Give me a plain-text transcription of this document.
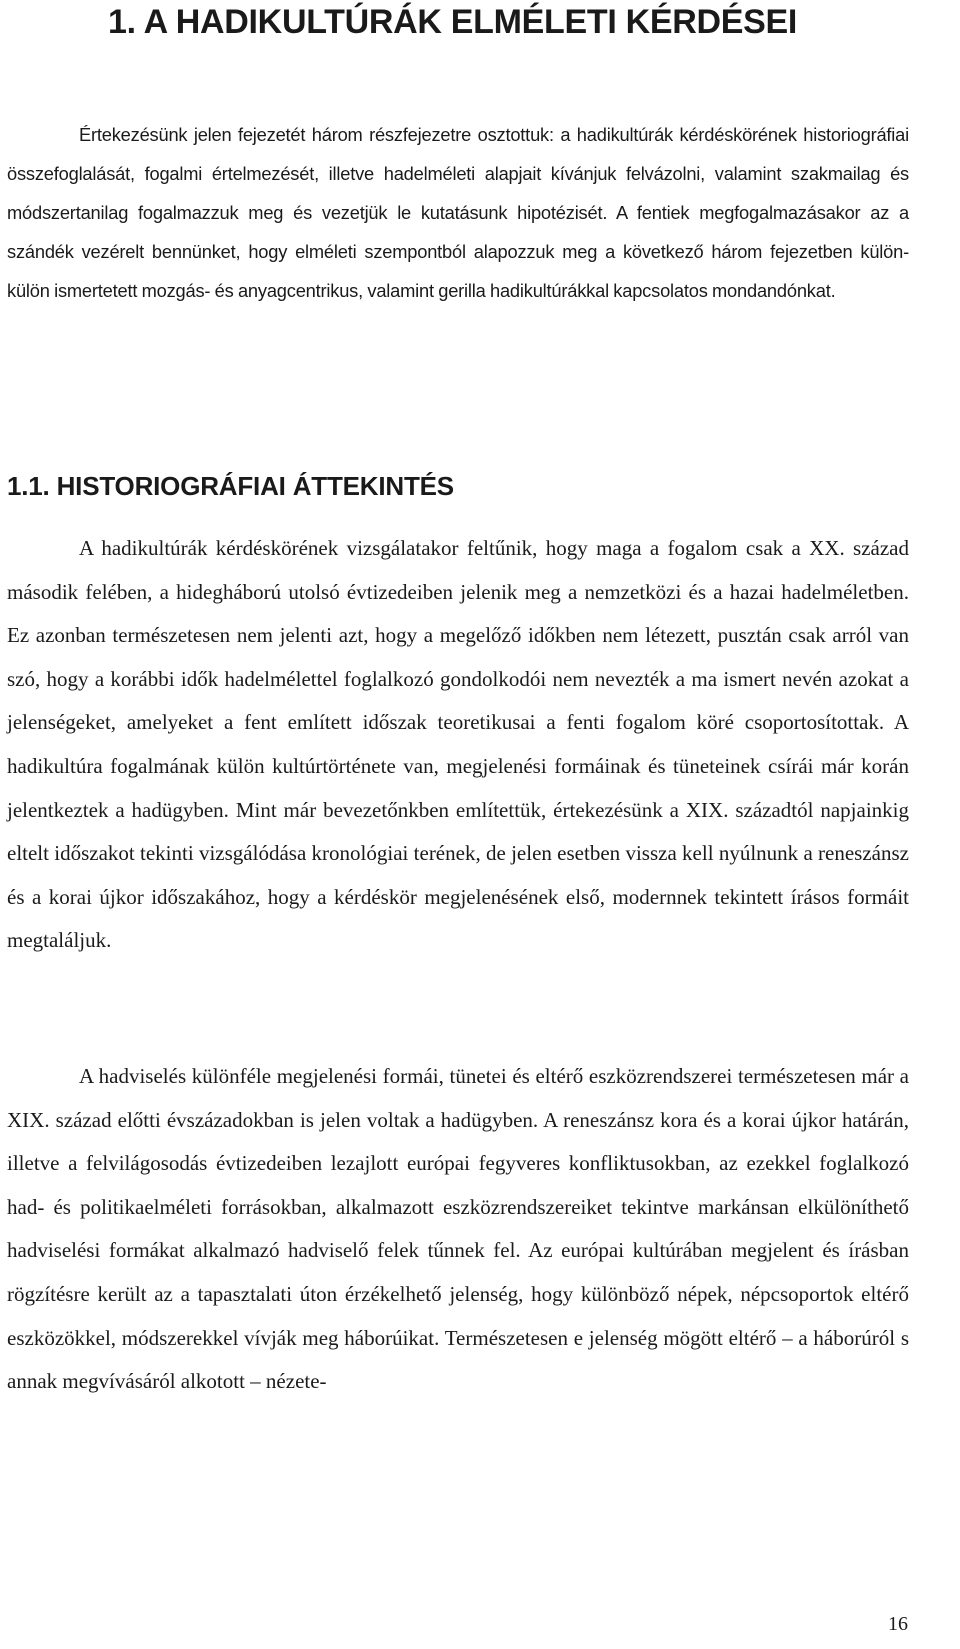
1. A HADIKULTÚRÁK ELMÉLETI KÉRDÉSEI

Értekezésünk jelen fejezetét három részfejezetre osztottuk: a hadikultúrák kérdéskörének historiográfiai összefoglalását, fogalmi értelmezését, illetve hadelméleti alapjait kívánjuk felvázolni, valamint szakmailag és módszertanilag fogalmazzuk meg és vezetjük le kutatásunk hipotézisét. A fentiek megfogalmazásakor az a szándék vezérelt bennünket, hogy elméleti szempontból alapozzuk meg a következő három fejezetben külön-külön ismertetett mozgás- és anyagcentrikus, valamint gerilla hadikultúrákkal kapcsolatos mondandónkat.

1.1. HISTORIOGRÁFIAI ÁTTEKINTÉS

A hadikultúrák kérdéskörének vizsgálatakor feltűnik, hogy maga a fogalom csak a XX. század második felében, a hidegháború utolsó évtizedeiben jelenik meg a nemzetközi és a hazai hadelméletben. Ez azonban természetesen nem jelenti azt, hogy a megelőző időkben nem létezett, pusztán csak arról van szó, hogy a korábbi idők hadelmélettel foglalkozó gondolkodói nem nevezték a ma ismert nevén azokat a jelenségeket, amelyeket a fent említett időszak teoretikusai a fenti fogalom köré csoportosítottak. A hadikultúra fogalmának külön kultúrtörténete van, megjelenési formáinak és tüneteinek csírái már korán jelentkeztek a hadügyben. Mint már bevezetőnkben említettük, értekezésünk a XIX. századtól napjainkig eltelt időszakot tekinti vizsgálódása kronológiai terének, de jelen esetben vissza kell nyúlnunk a reneszánsz és a korai újkor időszakához, hogy a kérdéskör megjelenésének első, modernnek tekintett írásos formáit megtaláljuk.

A hadviselés különféle megjelenési formái, tünetei és eltérő eszközrendszerei természetesen már a XIX. század előtti évszázadokban is jelen voltak a hadügyben. A reneszánsz kora és a korai újkor határán, illetve a felvilágosodás évtizedeiben lezajlott európai fegyveres konfliktusokban, az ezekkel foglalkozó had- és politikaelméleti forrásokban, alkalmazott eszközrendszereiket tekintve markánsan elkülöníthető hadviselési formákat alkalmazó hadviselő felek tűnnek fel. Az európai kultúrában megjelent és írásban rögzítésre került az a tapasztalati úton érzékelhető jelenség, hogy különböző népek, népcsoportok eltérő eszközökkel, módszerekkel vívják meg háborúikat. Természetesen e jelenség mögött eltérő – a háborúról s annak megvívásáról alkotott – nézete-

16
